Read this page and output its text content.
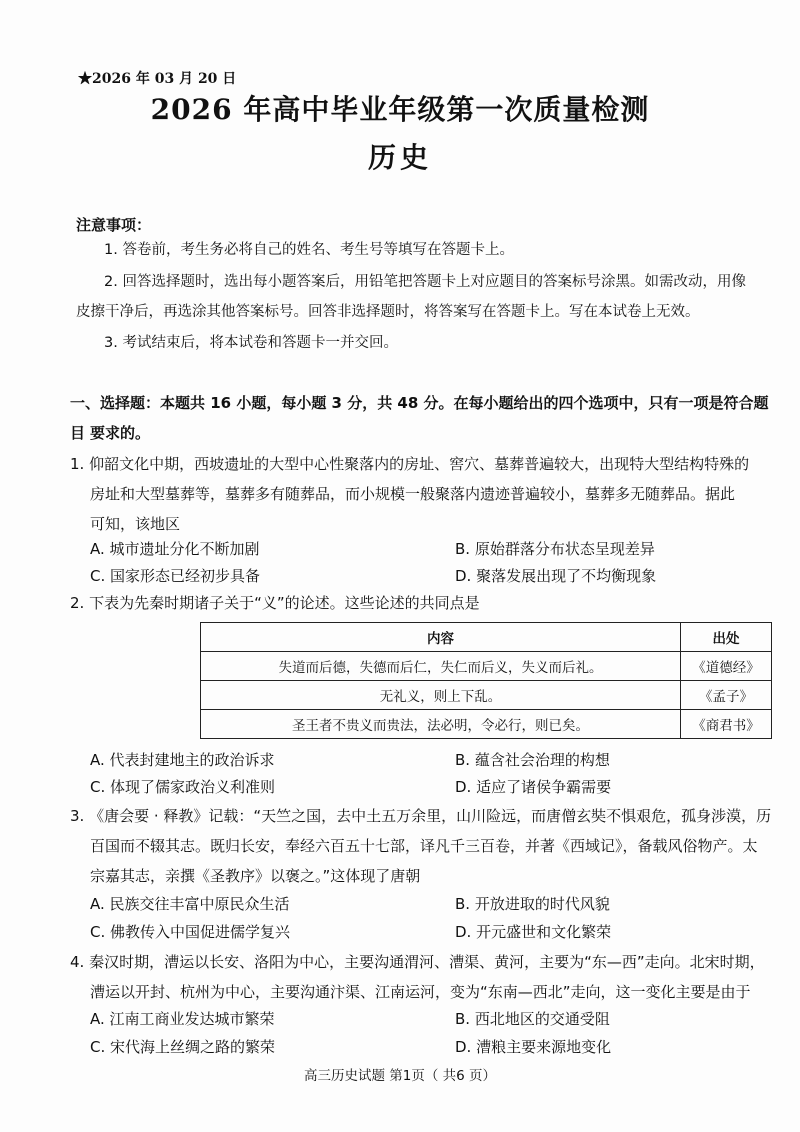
★2026 年 03 月 20 日
2026 年高中毕业年级第一次质量检测
历史
注意事项：
1. 答卷前，考生务必将自己的姓名、考生号等填写在答题卡上。
2. 回答选择题时，选出每小题答案后，用铅笔把答题卡上对应题目的答案标号涂黑。如需改动，用像
皮擦干净后，再选涂其他答案标号。回答非选择题时，将答案写在答题卡上。写在本试卷上无效。
3. 考试结束后，将本试卷和答题卡一并交回。
一、选择题：本题共 16 小题，每小题 3 分，共 48 分。在每小题给出的四个选项中，只有一项是符合题目 要求的。
1. 仰韶文化中期，西坡遗址的大型中心性聚落内的房址、窖穴、墓葬普遍较大，出现特大型结构特殊的
房址和大型墓葬等，墓葬多有随葬品，而小规模一般聚落内遗迹普遍较小，墓葬多无随葬品。据此
可知，该地区
A. 城市遗址分化不断加剧	B. 原始群落分布状态呈现差异
C. 国家形态已经初步具备	D. 聚落发展出现了不均衡现象
2. 下表为先秦时期诸子关于“义”的论述。这些论述的共同点是
内容	出处
失道而后德，失德而后仁，失仁而后义，失义而后礼。	《道德经》
无礼义，则上下乱。	《孟子》
圣王者不贵义而贵法，法必明，令必行，则已矣。	《商君书》
A. 代表封建地主的政治诉求	B. 蕴含社会治理的构想
C. 体现了儒家政治义利准则	D. 适应了诸侯争霸需要
3. 《唐会要 · 释教》记载：“天竺之国，去中土五万余里，山川险远，而唐僧玄奘不惧艰危，孤身涉漠，历
百国而不辍其志。既归长安，奉经六百五十七部，译凡千三百卷，并著《西域记》，备载风俗物产。太
宗嘉其志，亲撰《圣教序》以褒之。”这体现了唐朝
A. 民族交往丰富中原民众生活	B. 开放进取的时代风貌
C. 佛教传入中国促进儒学复兴	D. 开元盛世和文化繁荣
4. 秦汉时期，漕运以长安、洛阳为中心，主要沟通渭河、漕渠、黄河，主要为“东—西”走向。北宋时期，
漕运以开封、杭州为中心，主要沟通汴渠、江南运河，变为“东南—西北”走向，这一变化主要是由于
A. 江南工商业发达城市繁荣	B. 西北地区的交通受阻
C. 宋代海上丝绸之路的繁荣	D. 漕粮主要来源地变化
高三历史试题 第1页（ 共6 页）
